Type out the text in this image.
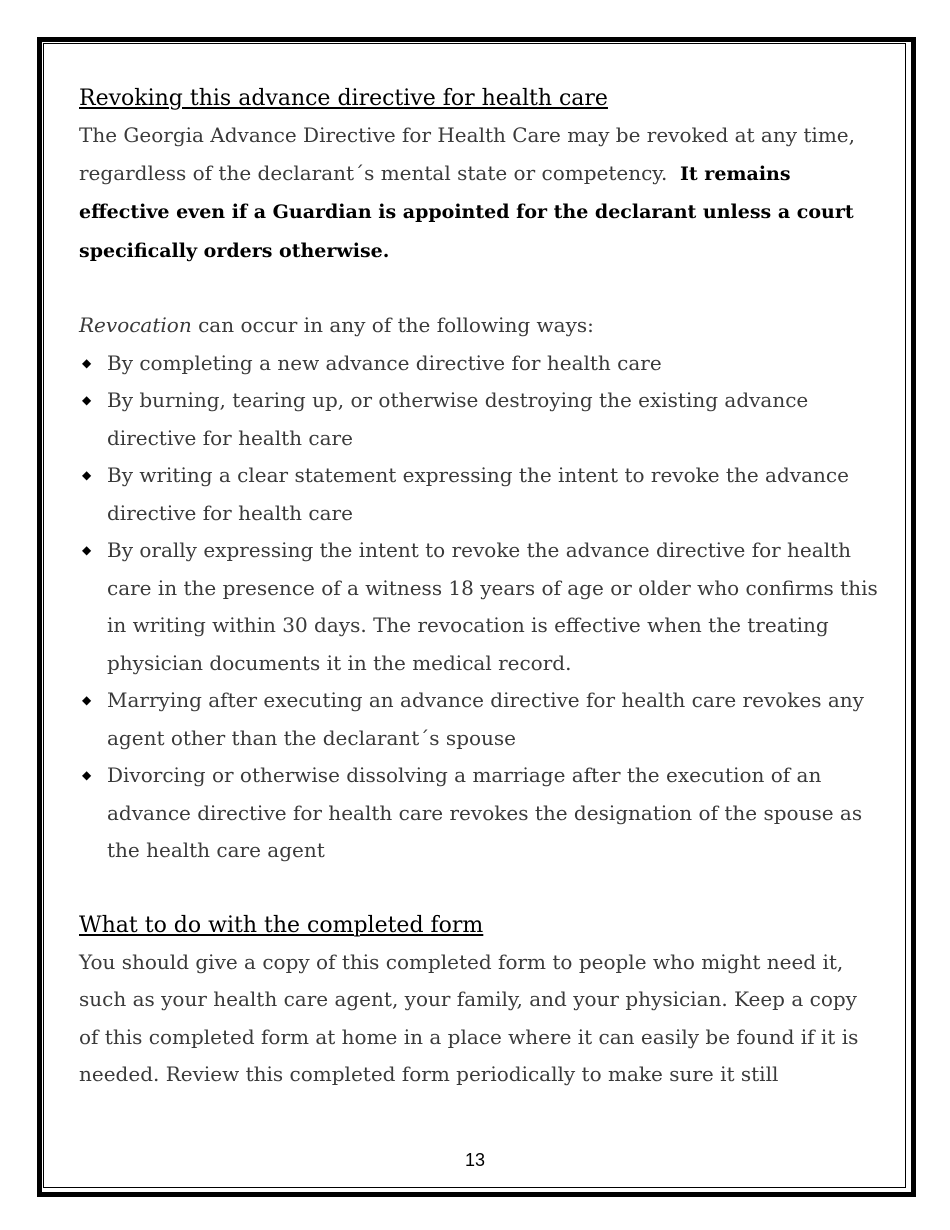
Revoking this advance directive for health care

The Georgia Advance Directive for Health Care may be revoked at any time, regardless of the declarant´s mental state or competency. It remains effective even if a Guardian is appointed for the declarant unless a court specifically orders otherwise.

Revocation can occur in any of the following ways:

◆ By completing a new advance directive for health care
◆ By burning, tearing up, or otherwise destroying the existing advance directive for health care
◆ By writing a clear statement expressing the intent to revoke the advance directive for health care
◆ By orally expressing the intent to revoke the advance directive for health care in the presence of a witness 18 years of age or older who confirms this in writing within 30 days. The revocation is effective when the treating physician documents it in the medical record.
◆ Marrying after executing an advance directive for health care revokes any agent other than the declarant´s spouse
◆ Divorcing or otherwise dissolving a marriage after the execution of an advance directive for health care revokes the designation of the spouse as the health care agent

What to do with the completed form

You should give a copy of this completed form to people who might need it, such as your health care agent, your family, and your physician. Keep a copy of this completed form at home in a place where it can easily be found if it is needed. Review this completed form periodically to make sure it still

13
